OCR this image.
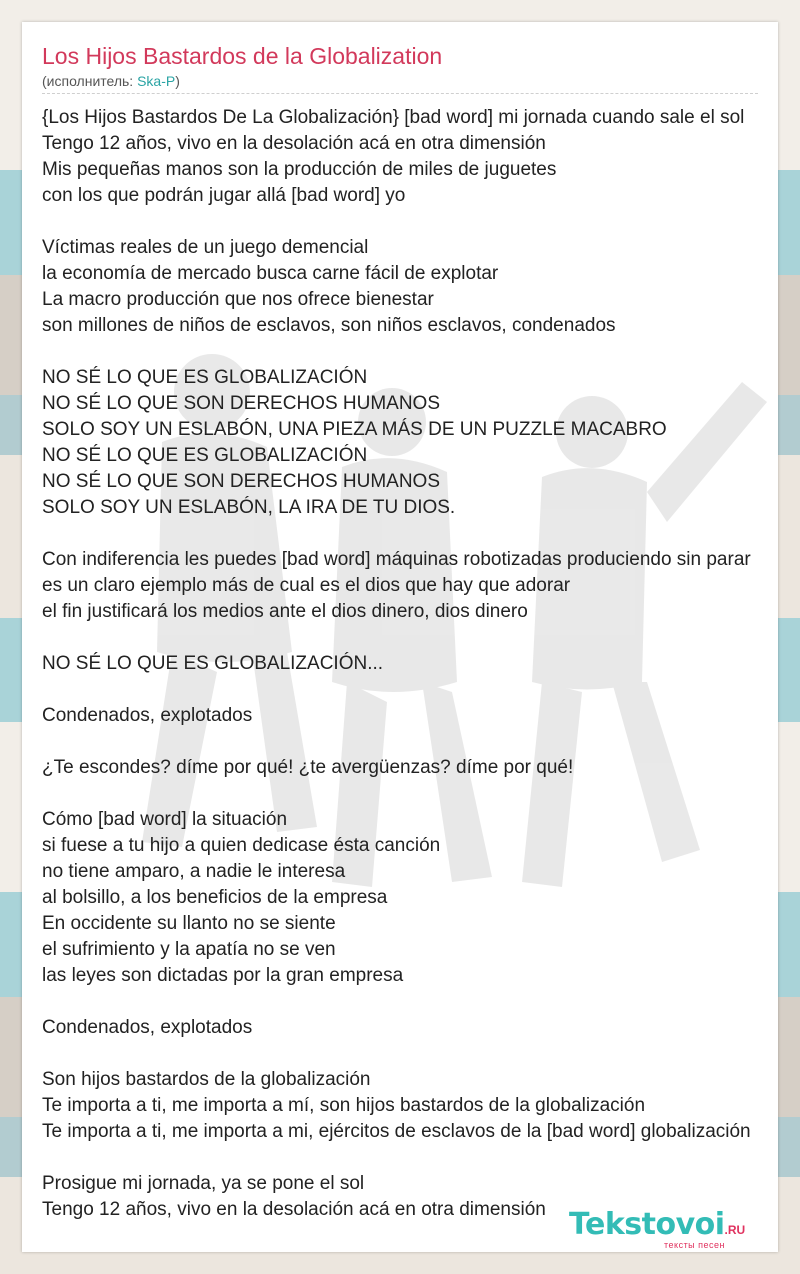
Los Hijos Bastardos de la Globalization
(исполнитель: Ska-P)
{Los Hijos Bastardos De La Globalización} [bad word] mi jornada cuando sale el sol
Tengo 12 años, vivo en la desolación acá en otra dimensión
Mis pequeñas manos son la producción de miles de juguetes
con los que podrán jugar allá [bad word] yo
Víctimas reales de un juego demencial
la economía de mercado busca carne fácil de explotar
La macro producción que nos ofrece bienestar
son millones de niños de esclavos, son niños esclavos, condenados
NO SÉ LO QUE ES GLOBALIZACIÓN
NO SÉ LO QUE SON DERECHOS HUMANOS
SOLO SOY UN ESLABÓN, UNA PIEZA MÁS DE UN PUZZLE MACABRO
NO SÉ LO QUE ES GLOBALIZACIÓN
NO SÉ LO QUE SON DERECHOS HUMANOS
SOLO SOY UN ESLABÓN, LA IRA DE TU DIOS.
Con indiferencia les puedes [bad word] máquinas robotizadas produciendo sin parar
es un claro ejemplo más de cual es el dios que hay que adorar
el fin justificará los medios ante el dios dinero, dios dinero
NO SÉ LO QUE ES GLOBALIZACIÓN...
Condenados, explotados
¿Te escondes? díme por qué! ¿te avergüenzas? díme por qué!
Cómo [bad word] la situación
si fuese a tu hijo a quien dedicase ésta canción
no tiene amparo, a nadie le interesa
al bolsillo, a los beneficios de la empresa
En occidente su llanto no se siente
el sufrimiento y la apatía no se ven
las leyes son dictadas por la gran empresa
Condenados, explotados
Son hijos bastardos de la globalización
Te importa a ti, me importa a mí, son hijos bastardos de la globalización
Te importa a ti, me importa a mi, ejércitos de esclavos de la [bad word] globalización
Prosigue mi jornada, ya se pone el sol
Tengo 12 años, vivo en la desolación acá en otra dimensión Tekstovoi.RU
тексты песен
